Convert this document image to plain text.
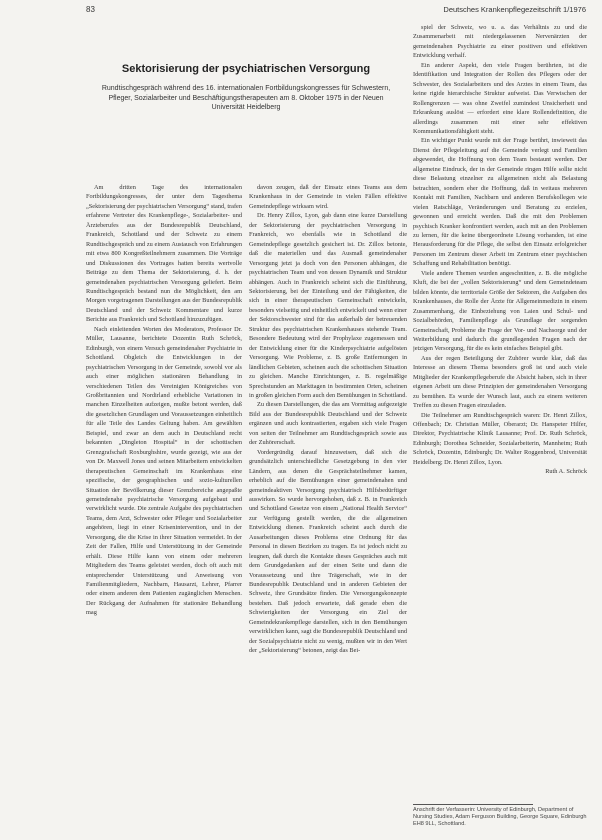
83	Deutsches Krankenpflegezeitschrift 1/1976
Sektorisierung der psychiatrischen Versorgung
Rundtischgespräch während des 16. internationalen Fortbildungskongresses für Schwestern, Pfleger, Sozialarbeiter und Beschäftigungstherapeuten am 8. Oktober 1975 in der Neuen Universität Heidelberg

Am dritten Tage des internationalen Fortbildungskongresses, der unter dem Tagesthema „Sektorisierung der psychiatrischen Versorgung“ stand, trafen erfahrene Vertreter des Krankenpflege-, Sozialarbeiter- und Ärzteberufes aus der Bundesrepublik Deutschland, Frankreich, Schottland und der Schweiz zu einem Rundtischgespräch und zu einem Austausch von Erfahrungen mit etwa 800 Kongreßteilnehmern zusammen. Die Vorträge und Diskussionen des Vortrages hatten bereits wertvolle Beiträge zu dem Thema der Sektorisierung, d. h. der gemeindenahen psychiatrischen Versorgung geliefert. Beim Rundtischgespräch bestand nun die Möglichkeit, den am Morgen vorgetragenen Darstellungen aus der Bundesrepublik Deutschland und der Schweiz Kommentare und kurze Berichte aus Frankreich und Schottland hinzuzufügen.

Nach einleitenden Worten des Moderators, Professor Dr. Müller, Lausanne, berichtete Dozentin Ruth Schröck, Edinburgh, von einem Versuch gemeindenaher Psychiatrie in Schottland. Obgleich die Entwicklungen in der psychiatrischen Versorgung in der Gemeinde, sowohl vor als auch einer möglichen stationären Behandlung in verschiedenen Teilen des Vereinigten Königreiches von Großbritannien und Nordirland erhebliche Variationen in manchen Einzelheiten aufzeigen, mußte betont werden, daß die gesetzlichen Grundlagen und Voraussetzungen einheitlich für alle Teile des Landes Geltung haben. Am gewählten Beispiel, und zwar an dem auch in Deutschland recht bekannten „Dingleton Hospital“ in der schottischen Grenzgrafschaft Roxburghshire, wurde gezeigt, wie aus der von Dr. Maxwell Jones und seinen Mitarbeitern entwickelten therapeutischen Gemeinschaft im Krankenhaus eine spezifische, der geographischen und sozio-kulturellen Situation der Bevölkerung dieser Grenzbereiche angepaßte gemeindenahe psychiatrische Versorgung aufgebaut und verwirklicht wurde. Die zentrale Aufgabe des psychiatrischen Teams, dem Arzt, Schwester oder Pfleger und Sozialarbeiter angehören, liegt in einer Krisenintervention, und in der Versorgung, die die Krise in ihrer Situation vermeidet. In der Zeit der Fallen, Hilfe und Unterstützung in der Gemeinde erhält. Diese Hilfe kann von einem oder mehreren Mitgliedern des Teams geleistet werden, doch oft auch mit entsprechender Unterstützung und Anweisung von Familienmitgliedern, Nachbarn, Hausarzt, Lehrer, Pfarrer oder einem anderen dem Patienten zugänglichen Menschen. Der Rückgang der Aufnahmen für stationäre Behandlung mag

davon zeugen, daß der Einsatz eines Teams aus dem Krankenhaus in der Gemeinde in vielen Fällen effektive Gemeindepflege wirksam wird.

Dr. Henry Zillox, Lyon, gab dann eine kurze Darstellung der Sektorisierung der psychiatrischen Versorgung in Frankreich, wo ebenfalls wie in Schottland die Gemeindepflege gesetzlich gesichert ist. Dr. Zillox betonte, daß die materiellen und das Ausmaß gemeindenaher Versorgung jetzt ja doch von den Personen abhängen, die psychiatrischen Team und von dessen Dynamik und Struktur abhängen. Auch in Frankreich scheint sich die Einführung, Sektorisierung, bei der Einteilung und der Fähigkeiten, die sich in einer therapeutischen Gemeinschaft entwickeln, besonders vielseitig und einheitlich entwickelt und wenn einer der Sektorschwester sind für das außerhalb der betreuenden Struktur des psychiatrischen Krankenhauses stehende Team. Besondere Bedeutung wird der Prophylaxe zugemessen und der Entwicklung einer für die Kinderpsychiatrie aufgelösten Versorgung. Wie Probleme, z. B. große Entfernungen in ländlichen Gebieten, scheinen auch die schottischen Situation zu gleichen. Manche Einrichtungen, z. B. regelmäßige Sprechstunden an Markttagen in bestimmten Orten, scheinen in großen gleichen Form auch den Bemühungen in Schottland.

Zu diesen Darstellungen, die das am Vormittag aufgezeigte Bild aus der Bundesrepublik Deutschland und der Schweiz ergänzen und auch kontrastierten, ergaben sich viele Fragen von seiten der Teilnehmer am Rundtischgespräch sowie aus der Zuhörerschaft.

Vordergründig darauf hinzuweisen, daß sich die grundsätzlich unterschiedliche Gesetzgebung in den vier Ländern, aus denen die Gesprächsteilnehmer kamen, erheblich auf die Bemühungen einer gemeindenahen und gemeindeaktiven Versorgung psychiatrisch Hilfsbedürftiger auswirken. So wurde hervorgehoben, daß z. B. in Frankreich und Schottland Gesetze von einem „National Health Service“ zur Verfügung gestellt werden, die die allgemeinen Entwicklung dienen. Frankreich scheint auch durch die Ausarbeitungen dieses Problems eine Ordnung für das Personal in diesen Bezirken zu tragen. Es ist jedoch nicht zu leugnen, daß durch die Kontakte dieses Gespräches auch mit dem Grundgedanken auf der einen Seite und dann die Voraussetzung und ihre Trägerschaft, wie in der Bundesrepublik Deutschland und in anderen Gebieten der Schweiz, ihre Grundsätze finden. Die Versorgungskonzepte bestehen. Daß jedoch erwartete, daß gerade eben die Schwierigkeiten der Versorgung ein Ziel der Gemeindekrankenpflege darstellen, sich in den Bemühungen verwirklichen kann, sagt die Bundesrepublik Deutschland und der Sozialpsychiatrie nicht zu wenig, mußten wir in den Wert der „Sektorisierung“ betonen, zeigt das Bei-

spiel der Schweiz, wo u. a. das Verhältnis zu und die Zusammenarbeit mit niedergelassenen Nervenärzten der gemeindenahen Psychiatrie zu einer positiven und effektiven Entwicklung verhalf.

Ein anderer Aspekt, den viele Fragen berührten, ist die Identifikation und Integration der Rollen des Pflegers oder der Schwester, des Sozialarbeiters und des Arztes in einem Team, das keine rigide hierarchische Struktur aufweist. Das Verwischen der Rollengrenzen — was ohne Zweifel zumindest Unsicherheit und Erkrankung auslöst — erfordert eine klare Rollendefinition, die allerdings zusammen mit einer sehr effektiven Kommunikationsfähigkeit steht.

Ein wichtiger Punkt wurde mit der Frage berührt, inwieweit das Dienst der Pflegeleitung auf die Gemeinde verlegt und Familien abgewendet, die Hoffnung von dem Team bestaunt werden. Der allgemeine Eindruck, der in der Gemeinde ringen Hilfe sollte nicht diese Belastung einzelner zu allgemeinen nicht als Belastung betrachten, sondern eher die Hoffnung, daß in weitaus mehreren Kontakt mit Familien, Nachbarn und anderen Berufskollegen wie vielen Ratschläge, Veränderungen und Beratung zu erzielen, gewonnen und erreicht werden. Daß die mit den Problemen psychisch Kranker konfrontiert werden, auch mit an den Problemen zu lernen, für die keine übergeordnete Lösung vorhanden, ist eine Herausforderung für die Pflege, die selbst den Einsatz erfolgreicher Personen im Zentrum dieser Arbeit im Zentrum einer psychischen Schaffung und Rehabilitation benötigt.

Viele andere Themen wurden angeschnitten, z. B. die mögliche Kluft, die bei der „vollen Sektorisierung“ und dem Gemeindeteam bilden könnte, die territoriale Größe der Sektoren, die Aufgaben des Krankenhauses, die Rolle der Ärzte für Allgemeinmedizin in einem Zusammenhang, die Einbeziehung von Laien und Schul- und Sozialbehörden, Familienpflege als Grundlage der sorgenden Gemeinschaft, Probleme die Frage der Vor- und Nachsorge und der Weiterbildung und dadurch die grundlegenden Fragen nach der jetzigen Versorgung, für die es kein einfaches Beispiel gibt.

Aus der regen Beteiligung der Zuhörer wurde klar, daß das Interesse an diesem Thema besonders groß ist und auch viele Mitglieder der Krankenpflegeberufe die Absicht haben, sich in ihrer eigenen Arbeit um diese Prinzipien der gemeindenahen Versorgung zu bemühen. Es wurde der Wunsch laut, auch zu einem weiteren Treffen zu diesen Fragen einzuladen.

Die Teilnehmer am Rundtischgespräch waren: Dr. Henri Zillox, Offenbach; Dr. Christian Müller, Oberarzt; Dr. Hanspeter Hilfer, Direktor, Psychiatrische Klinik Lausanne; Prof. Dr. Ruth Schröck, Edinburgh; Dorothea Schneider, Sozialarbeiterin, Mannheim; Ruth Schröck, Dozentin, Edinburgh; Dr. Walter Roggenbrod, Universität Heidelberg; Dr. Henri Zillox, Lyon.

Ruth A. Schröck

Anschrift der Verfasserin: University of Edinburgh, Department of Nursing Studies, Adam Ferguson Building, George Square, Edinburgh EH8 9LL, Schottland.
